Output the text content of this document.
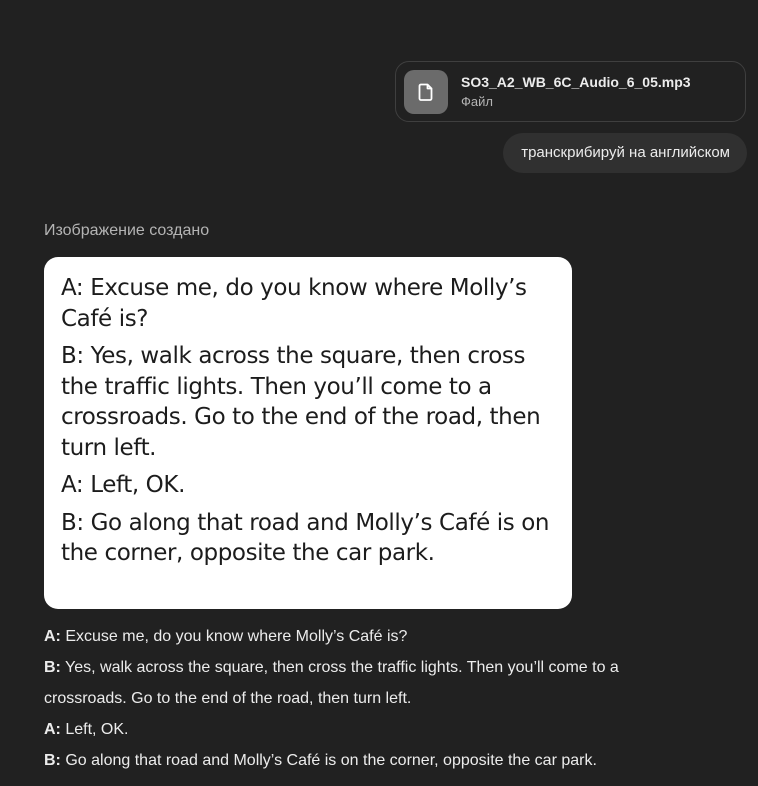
SO3_A2_WB_6C_Audio_6_05.mp3
Файл
транскрибируй на английском
Изображение создано

A: Excuse me, do you know where Molly’s Café is?

B: Yes, walk across the square, then cross the traffic lights. Then you’ll come to a crossroads. Go to the end of the road, then turn left.

A: Left, OK.

B: Go along that road and Molly’s Café is on the corner, opposite the car park.

A: Excuse me, do you know where Molly’s Café is?
B: Yes, walk across the square, then cross the traffic lights. Then you’ll come to a
crossroads. Go to the end of the road, then turn left.
A: Left, OK.
B: Go along that road and Molly’s Café is on the corner, opposite the car park.
